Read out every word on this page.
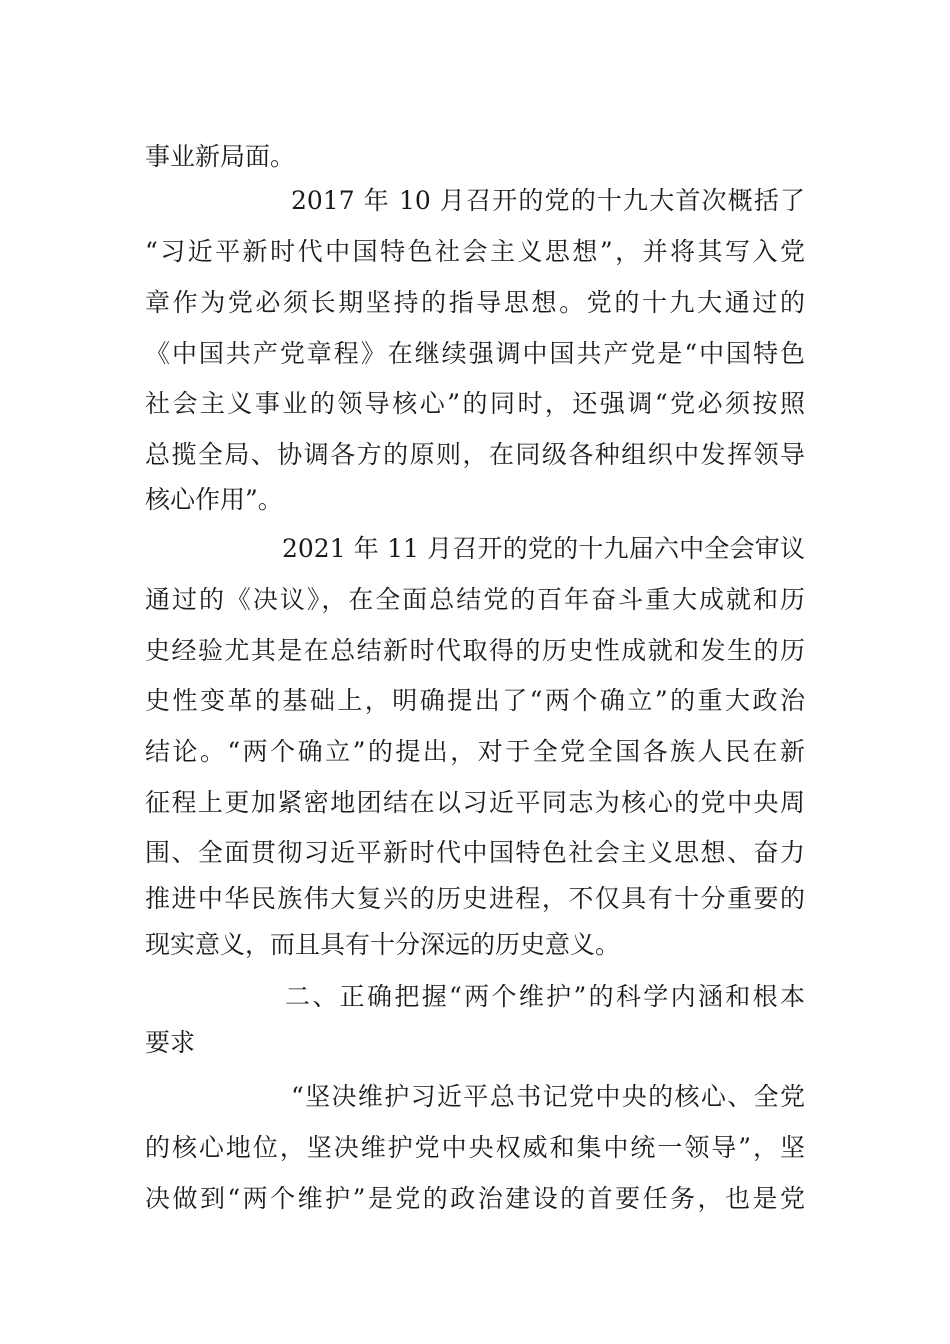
事业新局面。
2017 年 10 月召开的党的十九大首次概括了
“习近平新时代中国特色社会主义思想”，并将其写入党
章作为党必须长期坚持的指导思想。党的十九大通过的
《中国共产党章程》在继续强调中国共产党是“中国特色
社会主义事业的领导核心”的同时，还强调“党必须按照
总揽全局、协调各方的原则，在同级各种组织中发挥领导
核心作用”。
2021 年 11 月召开的党的十九届六中全会审议
通过的《决议》，在全面总结党的百年奋斗重大成就和历
史经验尤其是在总结新时代取得的历史性成就和发生的历
史性变革的基础上，明确提出了“两个确立”的重大政治
结论。“两个确立”的提出，对于全党全国各族人民在新
征程上更加紧密地团结在以习近平同志为核心的党中央周
围、全面贯彻习近平新时代中国特色社会主义思想、奋力
推进中华民族伟大复兴的历史进程，不仅具有十分重要的
现实意义，而且具有十分深远的历史意义。
二、正确把握“两个维护”的科学内涵和根本
要求
“坚决维护习近平总书记党中央的核心、全党
的核心地位，坚决维护党中央权威和集中统一领导”，坚
决做到“两个维护”是党的政治建设的首要任务，也是党
